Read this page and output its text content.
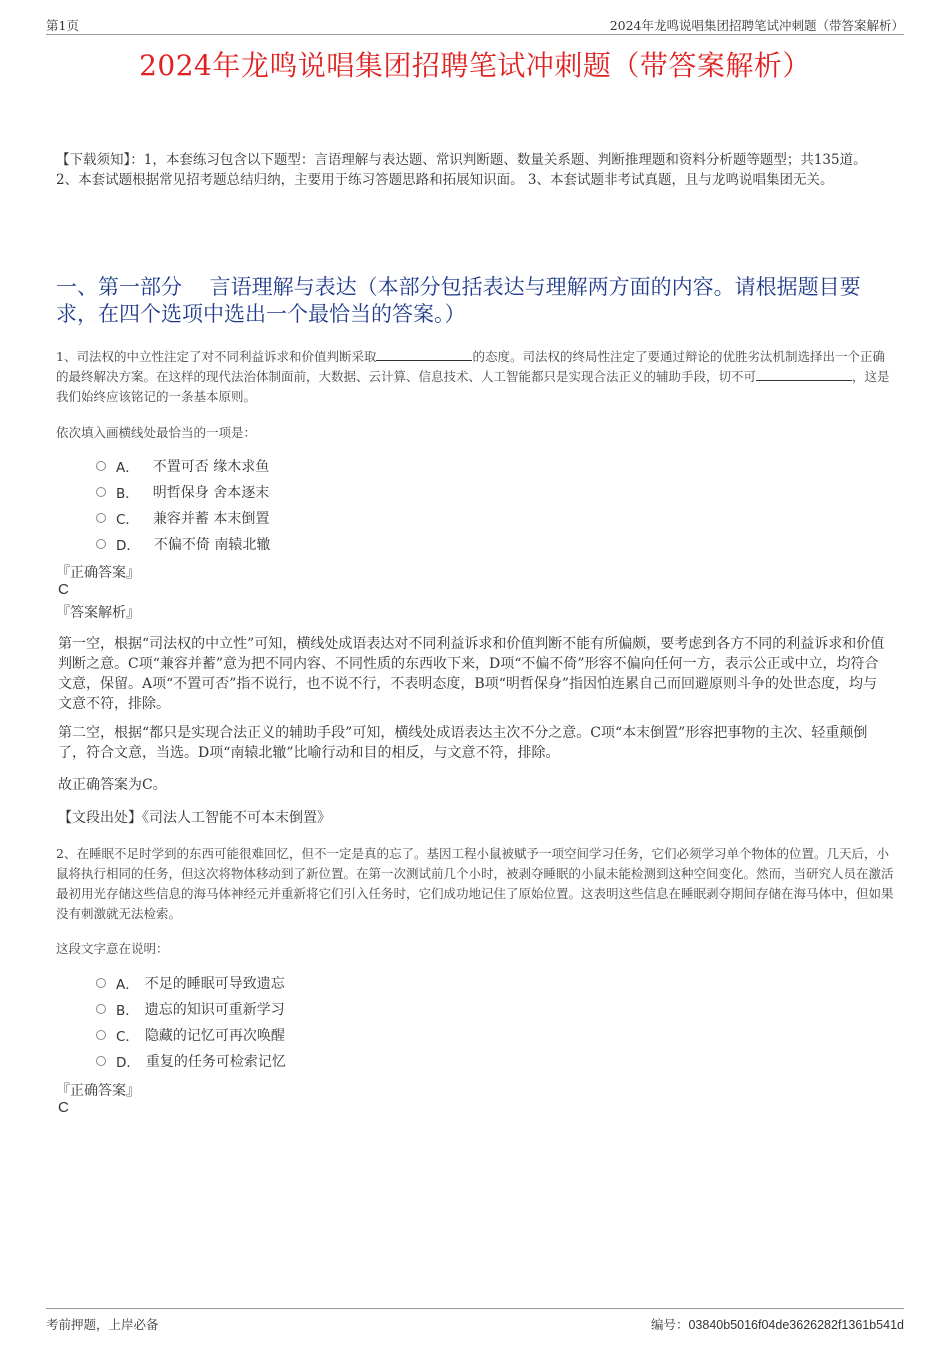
第1页	2024年龙鸣说唱集团招聘笔试冲刺题（带答案解析）
2024年龙鸣说唱集团招聘笔试冲刺题（带答案解析）
【下载须知】：1，本套练习包含以下题型：言语理解与表达题、常识判断题、数量关系题、判断推理题和资料分析题等题型；共135道。 2、本套试题根据常见招考题总结归纳，主要用于练习答题思路和拓展知识面。 3、本套试题非考试真题，且与龙鸣说唱集团无关。
一、第一部分　 言语理解与表达（本部分包括表达与理解两方面的内容。请根据题目要求，在四个选项中选出一个最恰当的答案。）
1、司法权的中立性注定了对不同利益诉求和价值判断采取	的态度。司法权的终局性注定了要通过辩论的优胜劣汰机制选择出一个正确的最终解决方案。在这样的现代法治体制面前，大数据、云计算、信息技术、人工智能都只是实现合法正义的辅助手段，切不可	，这是我们始终应该铭记的一条基本原则。
依次填入画横线处最恰当的一项是：
A． 不置可否 缘木求鱼
B． 明哲保身 舍本逐末
C． 兼容并蓄 本末倒置
D． 不偏不倚 南辕北辙
『正确答案』
C
『答案解析』
第一空，根据“司法权的中立性”可知，横线处成语表达对不同利益诉求和价值判断不能有所偏颇，要考虑到各方不同的利益诉求和价值判断之意。C项“兼容并蓄”意为把不同内容、不同性质的东西收下来，D项“不偏不倚”形容不偏向任何一方，表示公正或中立，均符合文意，保留。A项“不置可否”指不说行，也不说不行，不表明态度，B项“明哲保身”指因怕连累自己而回避原则斗争的处世态度，均与文意不符，排除。
第二空，根据“都只是实现合法正义的辅助手段”可知，横线处成语表达主次不分之意。C项“本末倒置”形容把事物的主次、轻重颠倒了，符合文意，当选。D项“南辕北辙”比喻行动和目的相反，与文意不符，排除。
故正确答案为C。
【文段出处】《司法人工智能不可本末倒置》
2、在睡眠不足时学到的东西可能很难回忆，但不一定是真的忘了。基因工程小鼠被赋予一项空间学习任务，它们必须学习单个物体的位置。几天后，小鼠将执行相同的任务，但这次将物体移动到了新位置。在第一次测试前几个小时，被剥夺睡眠的小鼠未能检测到这种空间变化。然而，当研究人员在激活最初用光存储这些信息的海马体神经元并重新将它们引入任务时，它们成功地记住了原始位置。这表明这些信息在睡眠剥夺期间存储在海马体中，但如果没有刺激就无法检索。
这段文字意在说明：
A． 不足的睡眠可导致遗忘
B． 遗忘的知识可重新学习
C． 隐藏的记忆可再次唤醒
D． 重复的任务可检索记忆
『正确答案』
C
考前押题，上岸必备	编号：03840b5016f04de3626282f1361b541d
